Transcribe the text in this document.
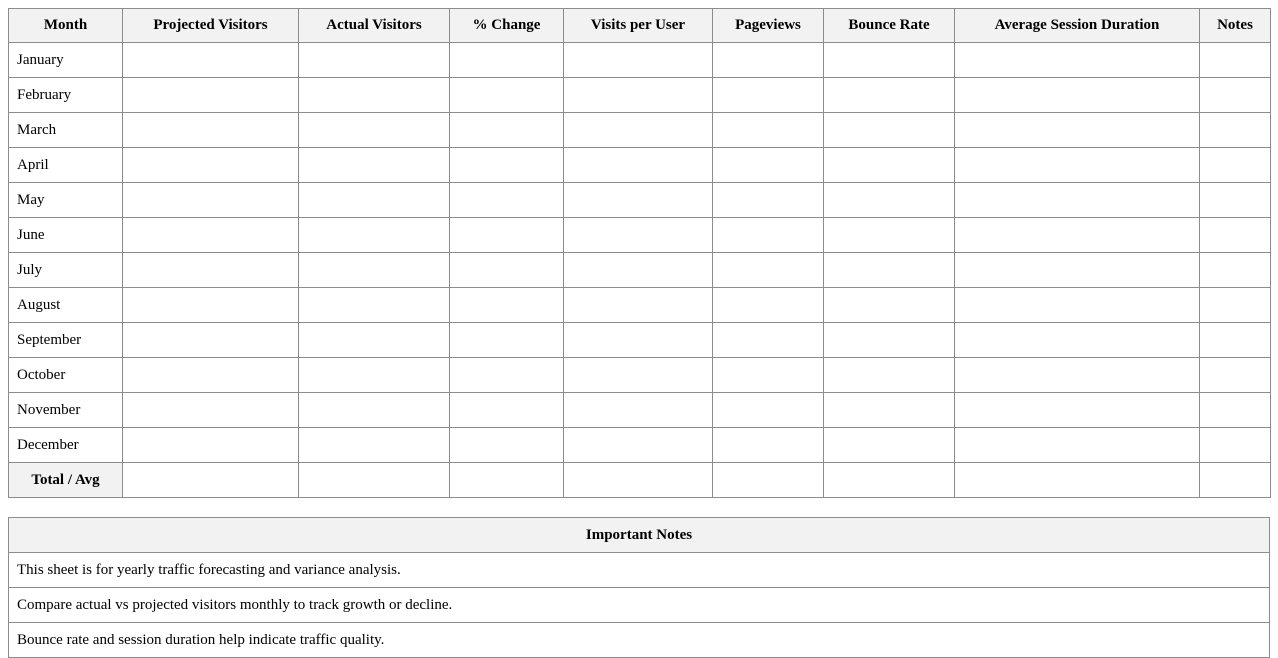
Month	Projected Visitors	Actual Visitors	% Change	Visits per User	Pageviews	Bounce Rate	Average Session Duration	Notes
January								
February								
March								
April								
May								
June								
July								
August								
September								
October								
November								
December								
Total / Avg								
Important Notes
This sheet is for yearly traffic forecasting and variance analysis.
Compare actual vs projected visitors monthly to track growth or decline.
Bounce rate and session duration help indicate traffic quality.
